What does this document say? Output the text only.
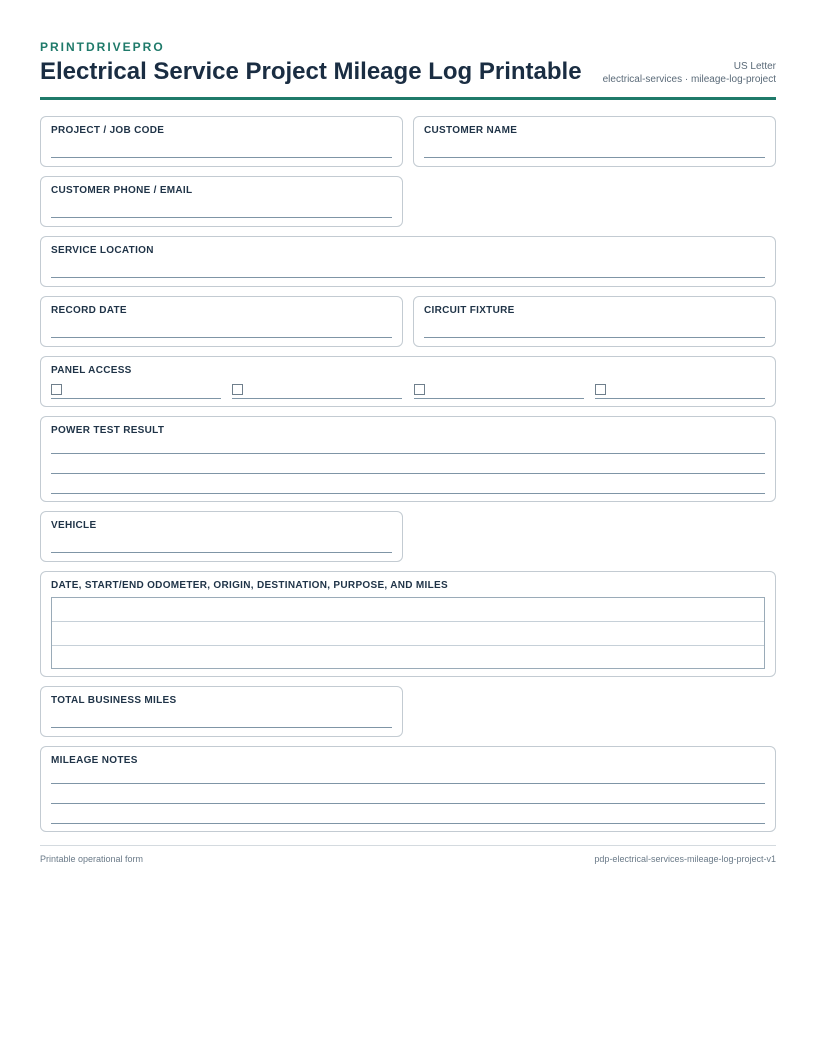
PRINTDRIVEPRO
Electrical Service Project Mileage Log Printable	US Letter
electrical-services · mileage-log-project
PROJECT / JOB CODE	CUSTOMER NAME
CUSTOMER PHONE / EMAIL
SERVICE LOCATION
RECORD DATE	CIRCUIT FIXTURE
PANEL ACCESS
POWER TEST RESULT
VEHICLE
DATE, START/END ODOMETER, ORIGIN, DESTINATION, PURPOSE, AND MILES
TOTAL BUSINESS MILES
MILEAGE NOTES
Printable operational form	pdp-electrical-services-mileage-log-project-v1
